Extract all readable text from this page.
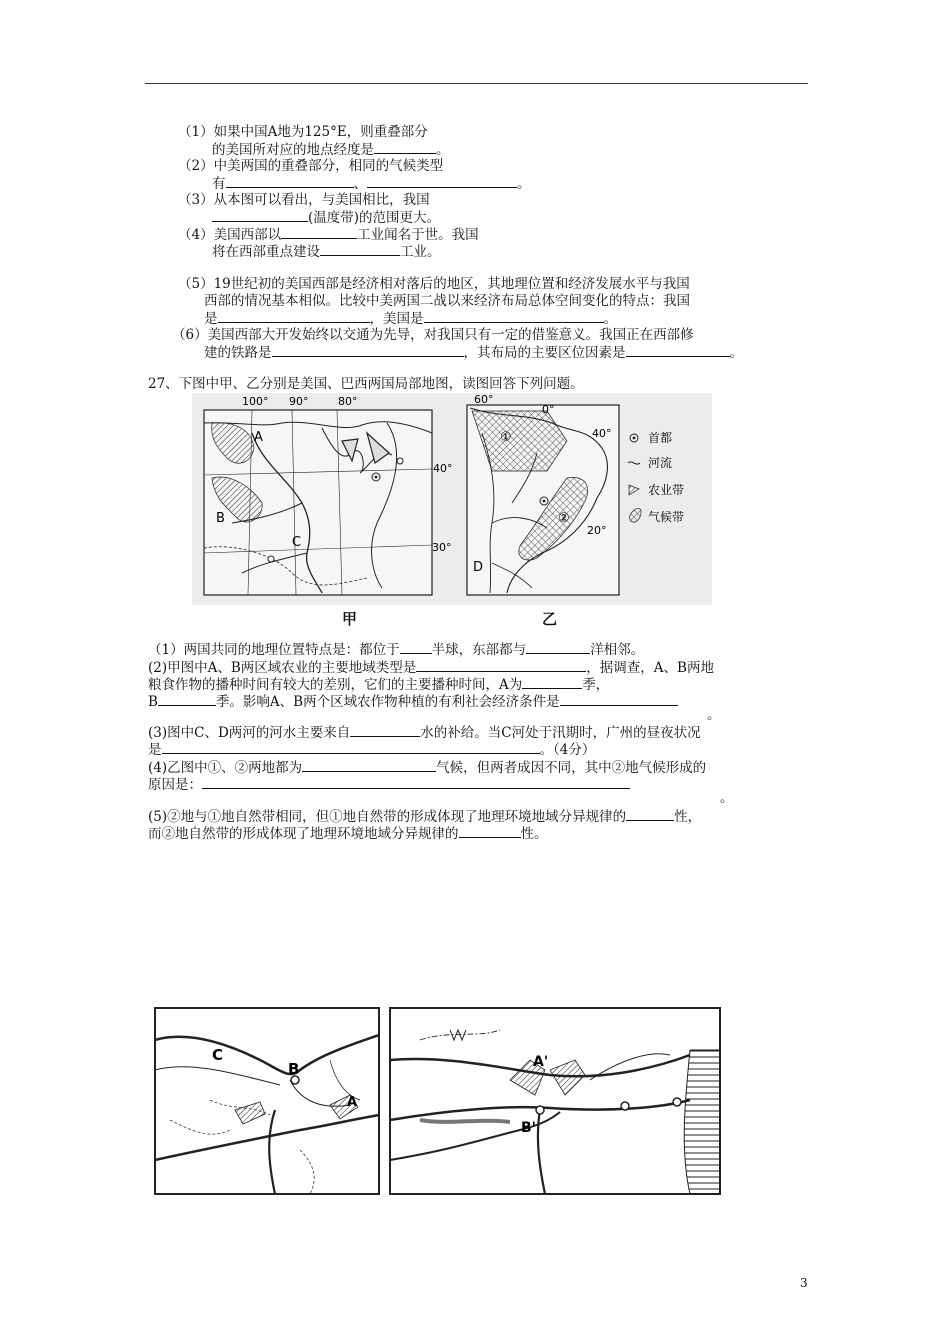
（1）如果中国A地为125°E，则重叠部分
的美国所对应的地点经度是	。
（2）中美两国的重叠部分，相同的气候类型
有	、	。
（3）从本图可以看出，与美国相比，我国
(温度带)的范围更大。
（4）美国西部以	工业闻名于世。我国
将在西部重点建设	工业。
（5）19世纪初的美国西部是经济相对落后的地区，其地理位置和经济发展水平与我国
西部的情况基本相似。比较中美两国二战以来经济布局总体空间变化的特点：我国
是	，美国是	。
（6）美国西部大开发始终以交通为先导，对我国只有一定的借鉴意义。我国正在西部修
建的铁路是	，其布局的主要区位因素是	。
27、下图中甲、乙分别是美国、巴西两国局部地图，读图回答下列问题。
100° 90°	80°
40°
30°
A
B
C
60°
0°
40°
20°
①
②
D
首都
河流
农业带
气候带
甲	乙
（1）两国共同的地理位置特点是：都位于 半球，东部都与	洋相邻。
(2)甲图中A、B两区域农业的主要地域类型是	，据调查，A、B两地
粮食作物的播种时间有较大的差别，它们的主要播种时间，A为	季，
B	季。影响A、B两个区域农作物种植的有利社会经济条件是
。
(3)图中C、D两河的河水主要来自	水的补给。当C河处于汛期时，广州的昼夜状况
是	。（4分）
(4)乙图中①、②两地都为	气候，但两者成因不同，其中②地气候形成的
原因是：
。
(5)②地与①地自然带相同，但①地自然带的形成体现了地理环境地域分异规律的	性，
而②地自然带的形成体现了地理环境地域分异规律的	性。
C
B
A
A'
B'
3
